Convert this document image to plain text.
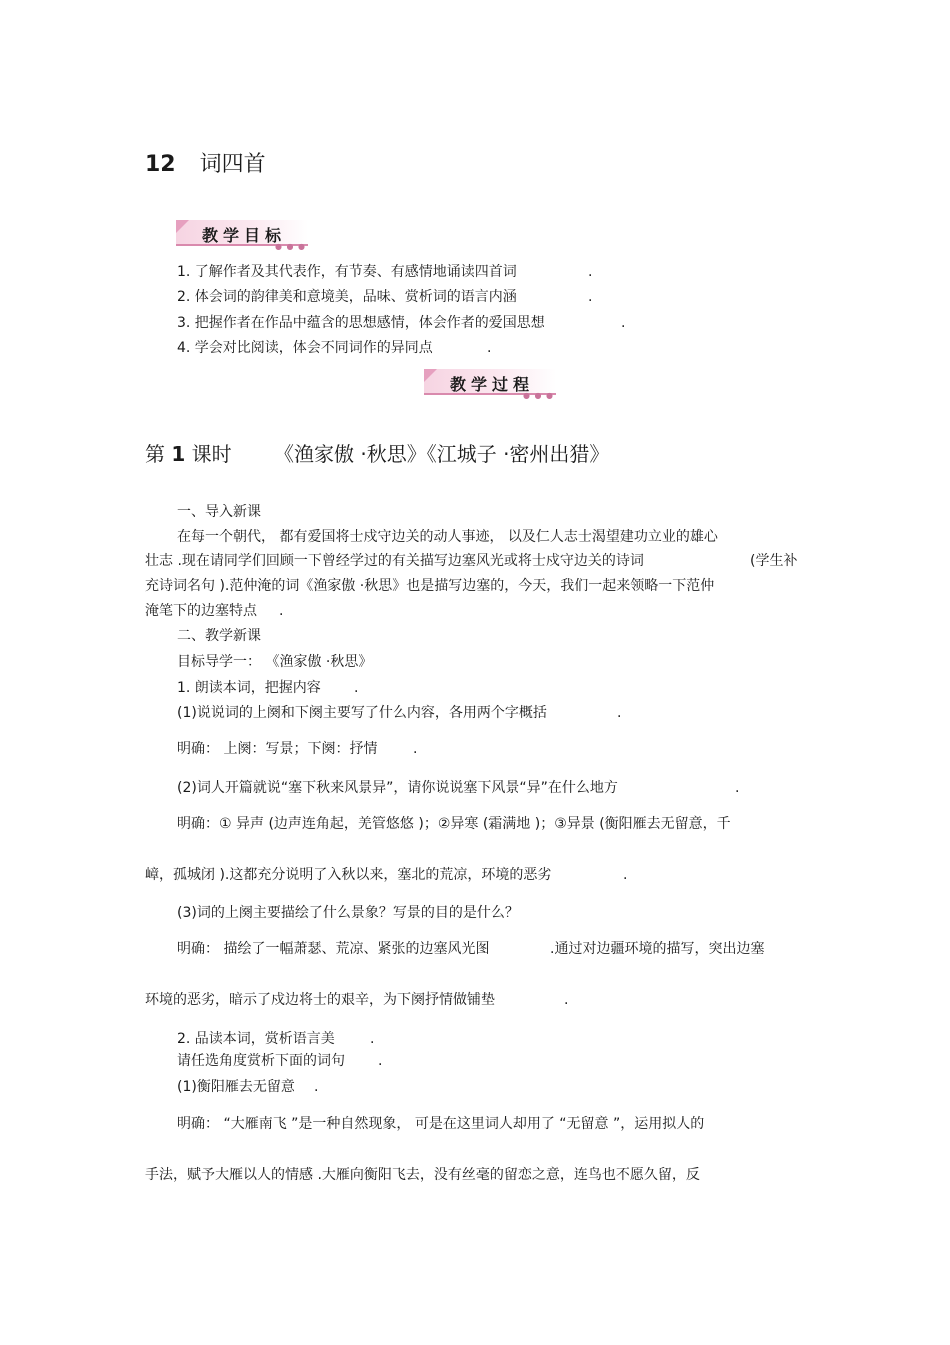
12 词四首
教学目标
● ● ●
1. 了解作者及其代表作，有节奏、有感情地诵读四首词	.
2. 体会词的韵律美和意境美，品味、赏析词的语言内涵	.
3. 把握作者在作品中蕴含的思想感情，体会作者的爱国思想	.
4. 学会对比阅读，体会不同词作的异同点	.
教学过程
● ● ●
第 1 课时 《渔家傲 ·秋思》《江城子 ·密州出猎》
一、导入新课
在每一个朝代， 都有爱国将士戍守边关的动人事迹， 以及仁人志士渴望建功立业的雄心
壮志 .现在请同学们回顾一下曾经学过的有关描写边塞风光或将士戍守边关的诗词	(学生补
充诗词名句 ).范仲淹的词《渔家傲 ·秋思》也是描写边塞的，今天，我们一起来领略一下范仲
淹笔下的边塞特点 .
二、教学新课
目标导学一： 《渔家傲 ·秋思》
1. 朗读本词，把握内容 .
(1)说说词的上阕和下阕主要写了什么内容，各用两个字概括	.
明确： 上阕：写景；下阕：抒情	.
(2)词人开篇就说“塞下秋来风景异”，请你说说塞下风景“异”在什么地方	.
明确：① 异声 (边声连角起，羌管悠悠 )；②异寒 (霜满地 )；③异景 (衡阳雁去无留意，千
嶂，孤城闭 ).这都充分说明了入秋以来，塞北的荒凉，环境的恶劣	.
(3)词的上阕主要描绘了什么景象？写景的目的是什么？
明确： 描绘了一幅萧瑟、荒凉、紧张的边塞风光图	.通过对边疆环境的描写，突出边塞
环境的恶劣，暗示了戍边将士的艰辛，为下阕抒情做铺垫	.
2. 品读本词，赏析语言美	.
请任选角度赏析下面的词句 .
(1)衡阳雁去无留意 .
明确： “大雁南飞 ”是一种自然现象， 可是在这里词人却用了 “无留意 ”，运用拟人的
手法，赋予大雁以人的情感 .大雁向衡阳飞去，没有丝毫的留恋之意，连鸟也不愿久留，反
